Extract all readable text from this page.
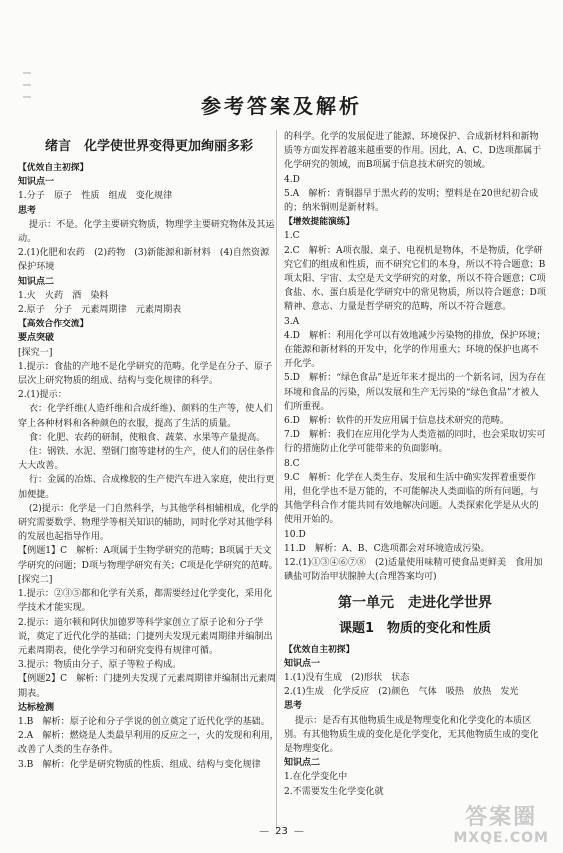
参考答案及解析
绪言　化学使世界变得更加绚丽多彩

【优效自主初探】

知识点一

1.分子　原子　性质　组成　变化规律

思考

提示：不是。化学主要研究物质，物理学主要研究物体及其运动。

2.(1)化肥和农药　(2)药物　(3)新能源和新材料　(4)自然资源　保护环境

知识点二

1.火　火药　酒　染料

2.原子　分子　元素周期律　元素周期表

【高效合作交流】

要点突破

[探究一]

1.提示：食盐的产地不是化学研究的范畴。化学是在分子、原子层次上研究物质的组成、结构与变化规律的科学。

2.(1)提示：

衣：化学纤维(人造纤维和合成纤维)、颜料的生产等，使人们穿上各种材料和各种颜色的衣服，提高了生活的质量。

食：化肥、农药的研制，使粮食、蔬菜、水果等产量提高。

住：钢铁、水泥、塑钢门窗等建材的生产，使人们的居住条件大大改善。

行：金属的冶炼、合成橡胶的生产使汽车进入家庭，使出行更加便捷。

(2)提示：化学是一门自然科学，与其他学科相辅相成，化学的研究需要数学、物理学等相关知识的辅助，同时化学对其他学科的发展也起指导作用。

【例题1】C　解析：A项属于生物学研究的范畴；B项属于天文学研究的问题；D项与物理学研究有关；C项是化学研究的范畴。

[探究二]

1.提示：②③⑤都和化学有关系，都需要经过化学变化，采用化学技术才能实现。

2.提示：道尔顿和阿伏加德罗等科学家创立了原子论和分子学说，奠定了近代化学的基础；门捷列夫发现元素周期律并编制出元素周期表，使化学学习和研究变得有规律可循。

3.提示：物质由分子、原子等粒子构成。

【例题2】C　解析：门捷列夫发现了元素周期律并编制出元素周期表。

达标检测

1.B　解析：原子论和分子学说的创立奠定了近代化学的基础。

2.A　解析：燃烧是人类最早利用的反应之一，火的发现和利用，改善了人类的生存条件。

3.B　解析：化学是研究物质的性质、组成、结构与变化规律

的科学。化学的发展促进了能源、环境保护、合成新材料和新物质等方面发挥着越来越重要的作用。因此，A、C、D选项都属于化学研究的领域，而B项属于信息技术研究的领域。

4.D

5.A　解析：青铜器早于黑火药的发明；塑料是在20世纪初合成的；纳米铜则是新材料。

【增效提能演练】

1.C

2.C　解析：A项衣服、桌子、电视机是物体，不是物质，化学研究它们的组成和性质，而不研究它们的本身，所以不符合题意；B项太阳、宇宙、太空是天文学研究的对象，所以不符合题意；C项食盐、水、蛋白质是化学研究中的常见物质，所以符合题意；D项精神、意志、力量是哲学研究的范畴，所以不符合题意。

3.A

4.D　解析：利用化学可以有效地减少污染物的排放，保护环境；在能源和新材料的开发中，化学的作用重大；环境的保护也离不开化学。

5.D　解析：“绿色食品”是近年来才提出的一个新名词，因为存在环境和食品的污染，所以发展和生产无污染的“绿色食品”才被人们所重视。

6.D　解析：软件的开发应用属于信息技术研究的范畴。

7.D　解析：我们在应用化学为人类造福的同时，也会采取切实可行的措施防止化学可能带来的负面影响。

8.C

9.C　解析：化学在人类生存、发展和生活中确实发挥着重要作用，但化学也不是万能的，不可能解决人类面临的所有问题，与其他学科合作才能共同有效地解决问题。人类探索化学是从火的使用开始的。

10.D

11.D　解析：A、B、C选项都会对环境造成污染。

12.(1)①③④⑥⑦⑧　(2)适量使用味精可使食品更鲜美　食用加碘盐可防治甲状腺肿大(合理答案均可)

第一单元　走进化学世界
课题1　物质的变化和性质

【优效自主初探】

知识点一

1.(1)没有生成　(2)形状　状态

2.(1)生成　化学反应　(2)颜色　气体　吸热　放热　发光

思考

提示：是否有其他物质生成是物理变化和化学变化的本质区别。有其他物质生成的变化是化学变化，无其他物质生成的变化是物理变化。

知识点二

1.在化学变化中

2.不需要发生化学变化就

— 23 —
答案圈
MXQE.COM
